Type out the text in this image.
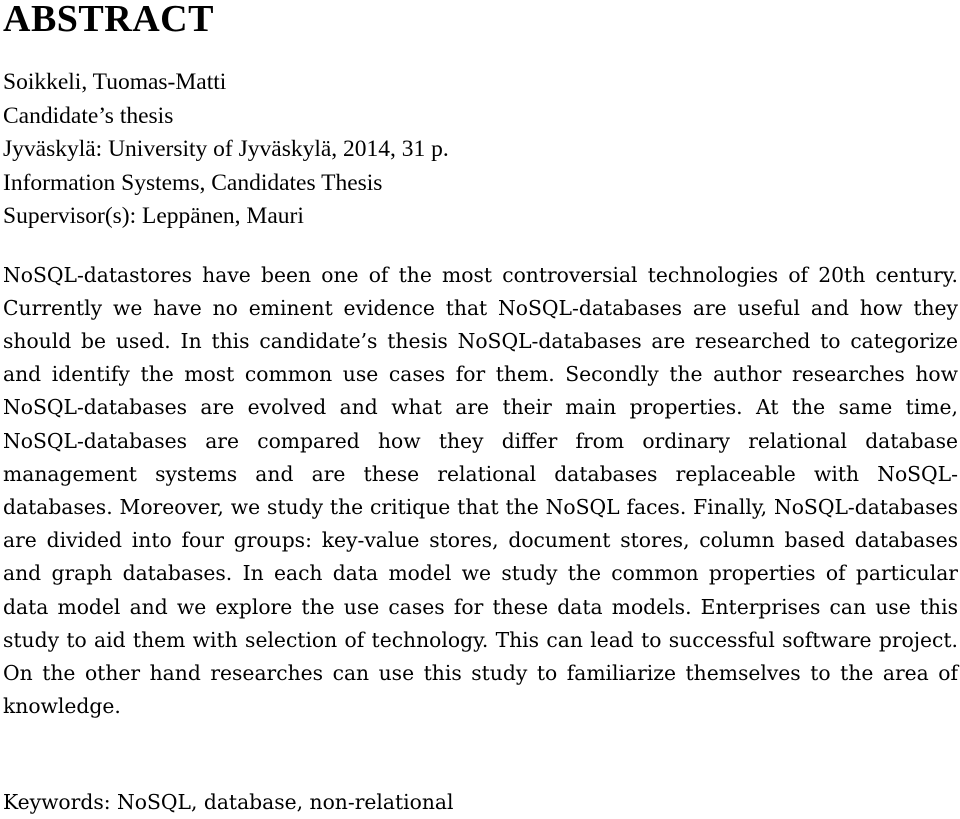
ABSTRACT
Soikkeli, Tuomas-Matti
Candidate’s thesis
Jyväskylä: University of Jyväskylä, 2014, 31 p.
Information Systems, Candidates Thesis
Supervisor(s): Leppänen, Mauri

NoSQL-datastores have been one of the most controversial technologies of 20th century. Currently we have no eminent evidence that NoSQL-databases are useful and how they should be used. In this candidate’s thesis NoSQL-databases are researched to categorize and identify the most common use cases for them. Secondly the author researches how NoSQL-databases are evolved and what are their main properties. At the same time, NoSQL-databases are compared how they differ from ordinary relational database management systems and are these relational databases replaceable with NoSQL-databases. Moreover, we study the critique that the NoSQL faces. Finally, NoSQL-databases are divided into four groups: key-value stores, document stores, column based databases and graph databases. In each data model we study the common properties of particular data model and we explore the use cases for these data models. Enterprises can use this study to aid them with selection of technology. This can lead to successful software project. On the other hand researches can use this study to familiarize themselves to the area of knowledge.

Keywords: NoSQL, database, non-relational
